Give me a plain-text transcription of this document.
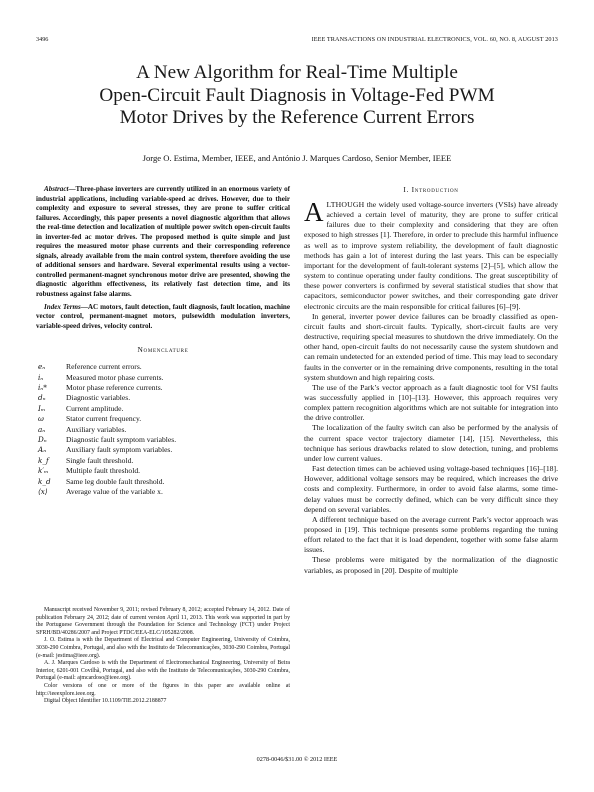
3496	IEEE TRANSACTIONS ON INDUSTRIAL ELECTRONICS, VOL. 60, NO. 8, AUGUST 2013
A New Algorithm for Real-Time Multiple
Open-Circuit Fault Diagnosis in Voltage-Fed PWM
Motor Drives by the Reference Current Errors
Jorge O. Estima, Member, IEEE, and António J. Marques Cardoso, Senior Member, IEEE

Abstract—Three-phase inverters are currently utilized in an enormous variety of industrial applications, including variable-speed ac drives. However, due to their complexity and exposure to several stresses, they are prone to suffer critical failures. Accordingly, this paper presents a novel diagnostic algorithm that allows the real-time detection and localization of multiple power switch open-circuit faults in inverter-fed ac motor drives. The proposed method is quite simple and just requires the measured motor phase currents and their corresponding reference signals, already available from the main control system, therefore avoiding the use of additional sensors and hardware. Several experimental results using a vector-controlled permanent-magnet synchronous motor drive are presented, showing the diagnostic algorithm effectiveness, its relatively fast detection time, and its robustness against false alarms.

Index Terms—AC motors, fault detection, fault diagnosis, fault location, machine vector control, permanent-magnet motors, pulsewidth modulation inverters, variable-speed drives, velocity control.

Nomenclature
eₙ	Reference current errors.
iₙ	Measured motor phase currents.
iₙ*	Motor phase reference currents.
dₙ	Diagnostic variables.
Iₘ	Current amplitude.
ω	Stator current frequency.
aₙ	Auxiliary variables.
Dₙ	Diagnostic fault symptom variables.
Aₙ	Auxiliary fault symptom variables.
k_f	Single fault threshold.
k′ₘ	Multiple fault threshold.
k_d	Same leg double fault threshold.
⟨x⟩	Average value of the variable x.

Manuscript received November 9, 2011; revised February 8, 2012; accepted February 14, 2012. Date of publication February 24, 2012; date of current version April 11, 2013. This work was supported in part by the Portuguese Government through the Foundation for Science and Technology (FCT) under Project SFRH/BD/40286/2007 and Project PTDC/EEA-ELC/105282/2008.

J. O. Estima is with the Department of Electrical and Computer Engineering, University of Coimbra, 3030-290 Coimbra, Portugal, and also with the Instituto de Telecomunicações, 3030-290 Coimbra, Portugal (e-mail: jestima@ieee.org).

A. J. Marques Cardoso is with the Department of Electromechanical Engineering, University of Beira Interior, 6201-001 Covilhã, Portugal, and also with the Instituto de Telecomunicações, 3030-290 Coimbra, Portugal (e-mail: ajmcardoso@ieee.org).

Color versions of one or more of the figures in this paper are available online at http://ieeexplore.ieee.org.

Digital Object Identifier 10.1109/TIE.2012.2188877

I. Introduction

ALTHOUGH the widely used voltage-source inverters (VSIs) have already achieved a certain level of maturity, they are prone to suffer critical failures due to their complexity and considering that they are often exposed to high stresses [1]. Therefore, in order to preclude this harmful influence as well as to improve system reliability, the development of fault diagnostic methods has gain a lot of interest during the last years. This can be especially important for the development of fault-tolerant systems [2]–[5], which allow the system to continue operating under faulty conditions. The great susceptibility of these power converters is confirmed by several statistical studies that show that capacitors, semiconductor power switches, and their corresponding gate driver electronic circuits are the main responsible for critical failures [6]–[9].

In general, inverter power device failures can be broadly classified as open-circuit faults and short-circuit faults. Typically, short-circuit faults are very destructive, requiring special measures to shutdown the drive immediately. On the other hand, open-circuit faults do not necessarily cause the system shutdown and can remain undetected for an extended period of time. This may lead to secondary faults in the converter or in the remaining drive components, resulting in the total system shutdown and high repairing costs.

The use of the Park’s vector approach as a fault diagnostic tool for VSI faults was successfully applied in [10]–[13]. However, this approach requires very complex pattern recognition algorithms which are not suitable for integration into the drive controller.

The localization of the faulty switch can also be performed by the analysis of the current space vector trajectory diameter [14], [15]. Nevertheless, this technique has serious drawbacks related to slow detection, tuning, and problems under low current values.

Fast detection times can be achieved using voltage-based techniques [16]–[18]. However, additional voltage sensors may be required, which increases the drive costs and complexity. Furthermore, in order to avoid false alarms, some time-delay values must be correctly defined, which can be very difficult since they depend on several variables.

A different technique based on the average current Park’s vector approach was proposed in [19]. This technique presents some problems regarding the tuning effort related to the fact that it is load dependent, together with some false alarm issues.

These problems were mitigated by the normalization of the diagnostic variables, as proposed in [20]. Despite of multiple

0278-0046/$31.00 © 2012 IEEE
